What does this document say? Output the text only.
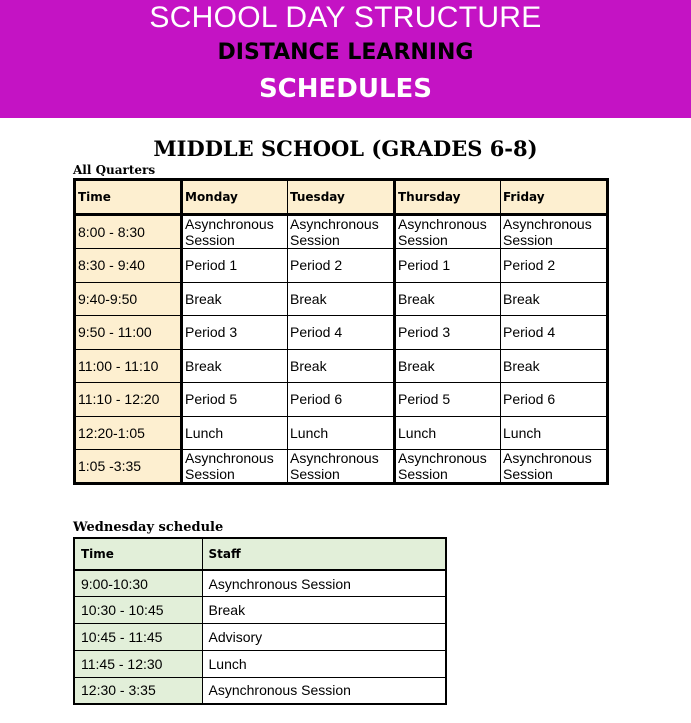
SCHOOL DAY STRUCTURE
DISTANCE LEARNING
SCHEDULES
MIDDLE SCHOOL (GRADES 6-8)
All Quarters
Time	Monday	Tuesday	Thursday	Friday
8:00 - 8:30	Asynchronous Session	Asynchronous Session	Asynchronous Session	Asynchronous Session
8:30 - 9:40	Period 1	Period 2	Period 1	Period 2
9:40-9:50	Break	Break	Break	Break
9:50 - 11:00	Period 3	Period 4	Period 3	Period 4
11:00 - 11:10	Break	Break	Break	Break
11:10 - 12:20	Period 5	Period 6	Period 5	Period 6
12:20-1:05	Lunch	Lunch	Lunch	Lunch
1:05 -3:35	Asynchronous Session	Asynchronous Session	Asynchronous Session	Asynchronous Session
Wednesday schedule
Time	Staff
9:00-10:30	Asynchronous Session
10:30 - 10:45	Break
10:45 - 11:45	Advisory
11:45 - 12:30	Lunch
12:30 - 3:35	Asynchronous Session
